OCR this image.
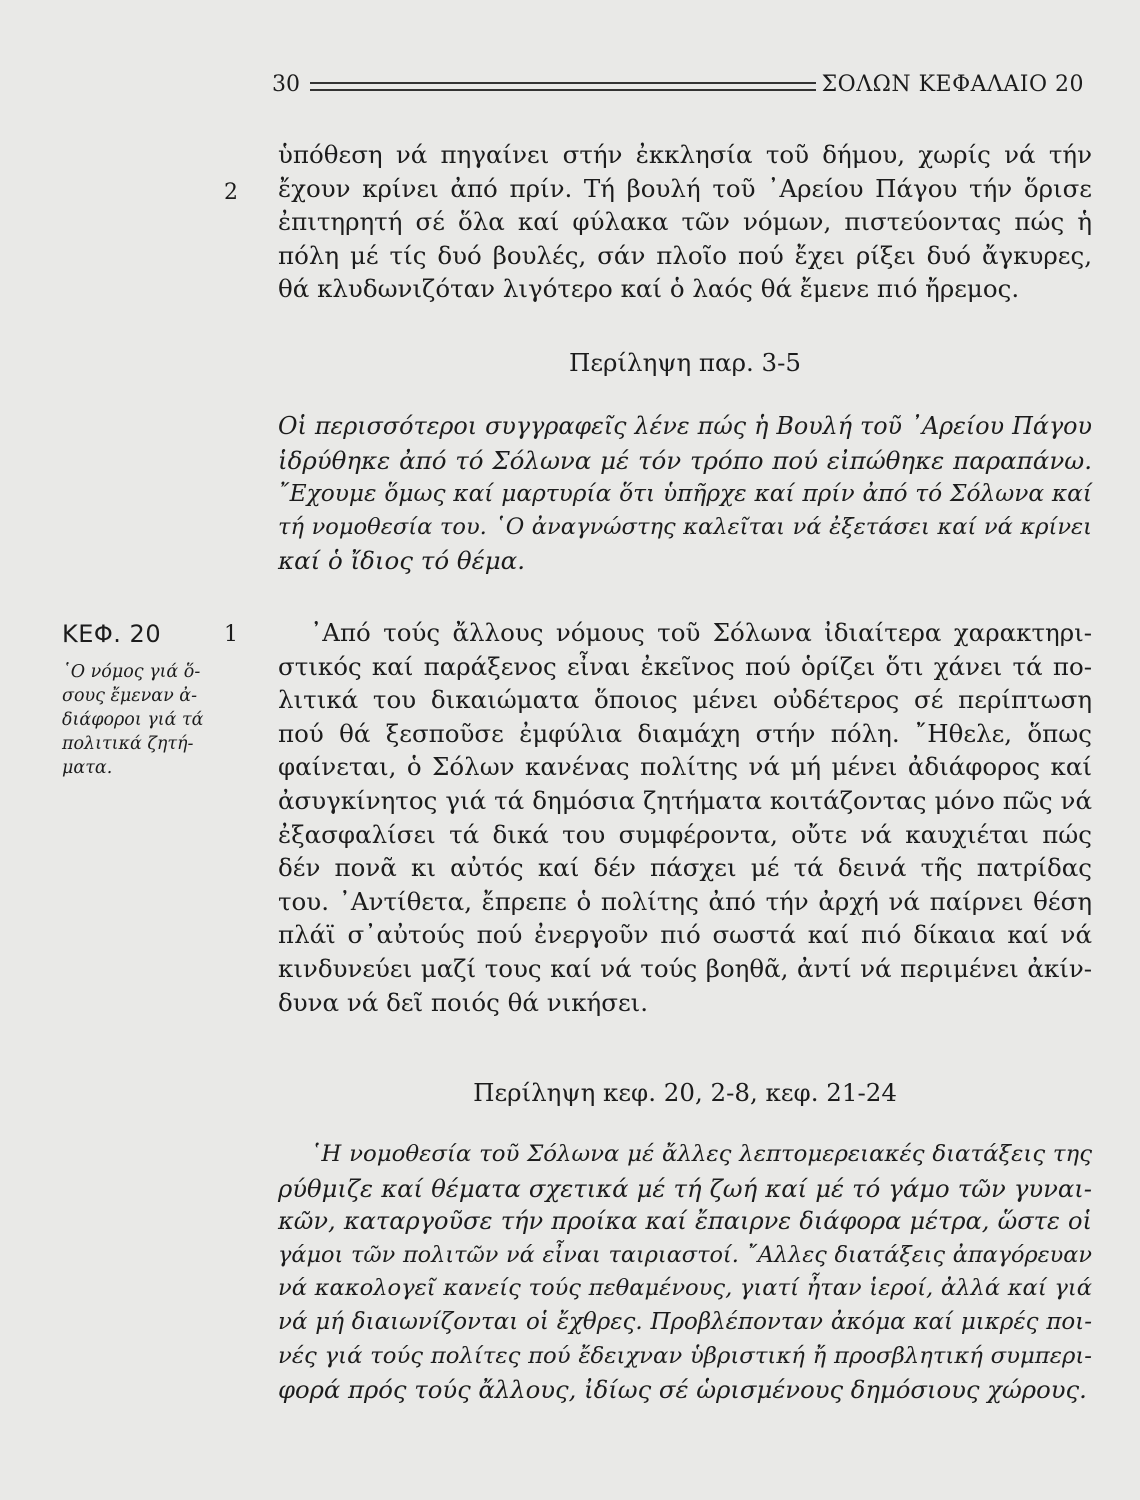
30	ΣΟΛΩΝ ΚΕΦΑΛΑΙΟ 20
2
ὑπόθεση νά πηγαίνει στήν ἐκκλησία τοῦ δήμου, χωρίς νά τήν
ἔχουν κρίνει ἀπό πρίν. Τή βουλή τοῦ ᾿Αρείου Πάγου τήν ὅρισε
ἐπιτηρητή σέ ὅλα καί φύλακα τῶν νόμων, πιστεύοντας πώς ἡ
πόλη μέ τίς δυό βουλές, σάν πλοῖο πού ἔχει ρίξει δυό ἄγκυρες,
θά κλυδωνιζόταν λιγότερο καί ὁ λαός θά ἔμενε πιό ἤρεμος.
Περίληψη παρ. 3-5
Οἱ περισσότεροι συγγραφεῖς λένε πώς ἡ Βουλή τοῦ ᾿Αρείου Πάγου
ἱδρύθηκε ἀπό τό Σόλωνα μέ τόν τρόπο πού εἰπώθηκε παραπάνω.
῎Εχουμε ὅμως καί μαρτυρία ὅτι ὑπῆρχε καί πρίν ἀπό τό Σόλωνα καί
τή νομοθεσία του. ῾Ο ἀναγνώστης καλεῖται νά ἐξετάσει καί νά κρίνει
καί ὁ ἴδιος τό θέμα.
ΚΕΦ. 20
῾Ο νόμος γιά ὅ-
σους ἔμεναν ἀ-
διάφοροι γιά τά
πολιτικά ζητή-
ματα.
1	᾿Από τούς ἄλλους νόμους τοῦ Σόλωνα ἰδιαίτερα χαρακτηρι-
στικός καί παράξενος εἶναι ἐκεῖνος πού ὁρίζει ὅτι χάνει τά πο-
λιτικά του δικαιώματα ὅποιος μένει οὐδέτερος σέ περίπτωση
πού θά ξεσποῦσε ἐμφύλια διαμάχη στήν πόλη. ῎Ηθελε, ὅπως
φαίνεται, ὁ Σόλων κανένας πολίτης νά μή μένει ἀδιάφορος καί
ἀσυγκίνητος γιά τά δημόσια ζητήματα κοιτάζοντας μόνο πῶς νά
ἐξασφαλίσει τά δικά του συμφέροντα, οὔτε νά καυχιέται πώς
δέν πονᾶ κι αὐτός καί δέν πάσχει μέ τά δεινά τῆς πατρίδας
του. ᾿Αντίθετα, ἔπρεπε ὁ πολίτης ἀπό τήν ἀρχή νά παίρνει θέση
πλάϊ σ᾿αὐτούς πού ἐνεργοῦν πιό σωστά καί πιό δίκαια καί νά
κινδυνεύει μαζί τους καί νά τούς βοηθᾶ, ἀντί νά περιμένει ἀκίν-
δυνα νά δεῖ ποιός θά νικήσει.
Περίληψη κεφ. 20, 2-8, κεφ. 21-24
῾Η νομοθεσία τοῦ Σόλωνα μέ ἄλλες λεπτομερειακές διατάξεις της
ρύθμιζε καί θέματα σχετικά μέ τή ζωή καί μέ τό γάμο τῶν γυναι-
κῶν, καταργοῦσε τήν προίκα καί ἔπαιρνε διάφορα μέτρα, ὥστε οἱ
γάμοι τῶν πολιτῶν νά εἶναι ταιριαστοί. ῎Αλλες διατάξεις ἀπαγόρευαν
νά κακολογεῖ κανείς τούς πεθαμένους, γιατί ἦταν ἱεροί, ἀλλά καί γιά
νά μή διαιωνίζονται οἱ ἔχθρες. Προβλέπονταν ἀκόμα καί μικρές ποι-
νές γιά τούς πολίτες πού ἔδειχναν ὑβριστική ἤ προσβλητική συμπερι-
φορά πρός τούς ἄλλους, ἰδίως σέ ὡρισμένους δημόσιους χώρους.
